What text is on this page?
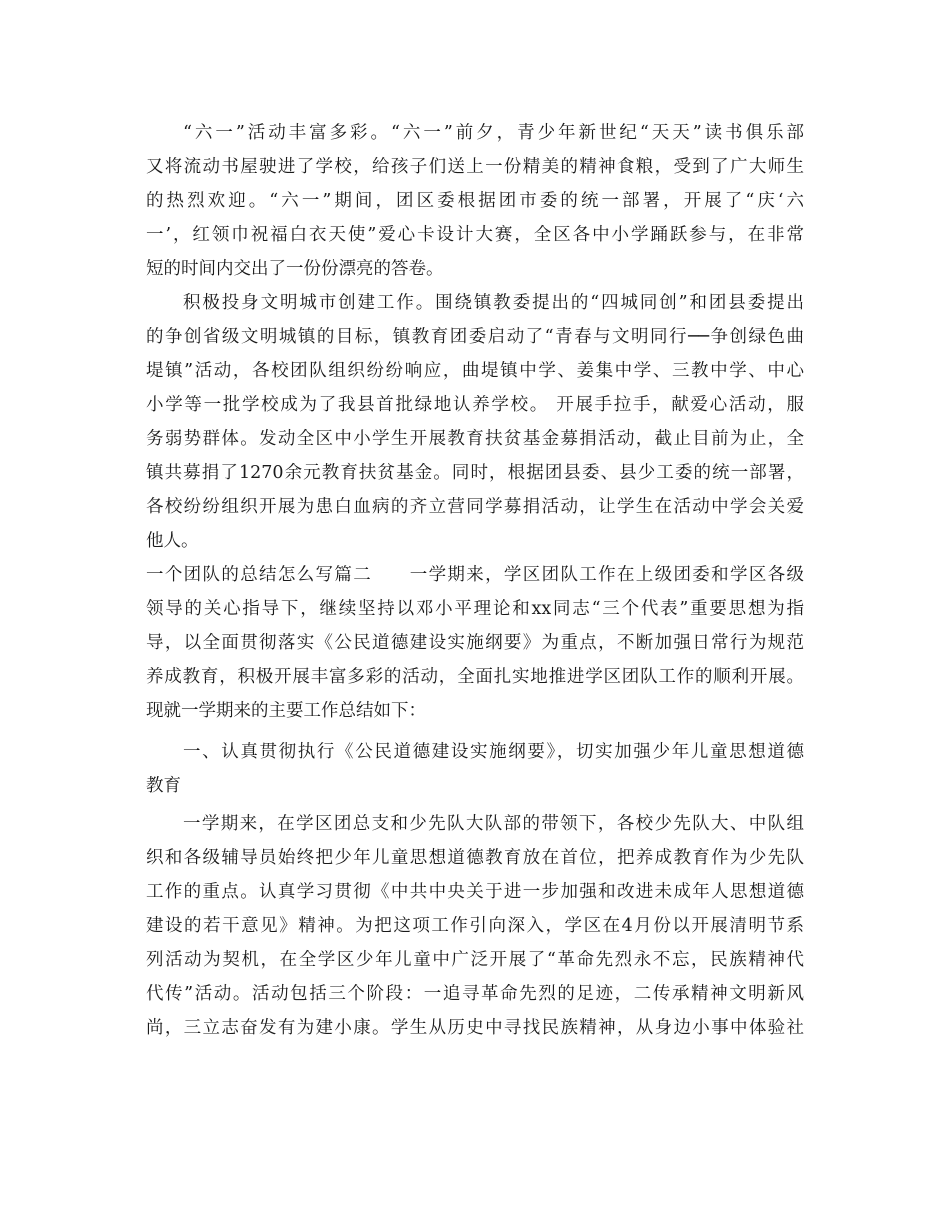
“六一”活动丰富多彩。“六一”前夕，青少年新世纪“天天”读书俱乐部
又将流动书屋驶进了学校，给孩子们送上一份精美的精神食粮，受到了广大师生
的热烈欢迎。“六一”期间，团区委根据团市委的统一部署，开展了“庆‘六
一’，红领巾祝福白衣天使”爱心卡设计大赛，全区各中小学踊跃参与，在非常
短的时间内交出了一份份漂亮的答卷。
积极投身文明城市创建工作。围绕镇教委提出的“四城同创”和团县委提出
的争创省级文明城镇的目标，镇教育团委启动了“青春与文明同行──争创绿色曲
堤镇”活动，各校团队组织纷纷响应，曲堤镇中学、姜集中学、三教中学、中心
小学等一批学校成为了我县首批绿地认养学校。 开展手拉手，献爱心活动，服
务弱势群体。发动全区中小学生开展教育扶贫基金募捐活动，截止目前为止，全
镇共募捐了1270余元教育扶贫基金。同时，根据团县委、县少工委的统一部署，
各校纷纷组织开展为患白血病的齐立营同学募捐活动，让学生在活动中学会关爱
他人。
一个团队的总结怎么写篇二　　一学期来，学区团队工作在上级团委和学区各级
领导的关心指导下，继续坚持以邓小平理论和xx同志“三个代表”重要思想为指
导，以全面贯彻落实《公民道德建设实施纲要》为重点，不断加强日常行为规范
养成教育，积极开展丰富多彩的活动，全面扎实地推进学区团队工作的顺利开展。
现就一学期来的主要工作总结如下：
一、认真贯彻执行《公民道德建设实施纲要》，切实加强少年儿童思想道德
教育
一学期来，在学区团总支和少先队大队部的带领下，各校少先队大、中队组
织和各级辅导员始终把少年儿童思想道德教育放在首位，把养成教育作为少先队
工作的重点。认真学习贯彻《中共中央关于进一步加强和改进未成年人思想道德
建设的若干意见》精神。为把这项工作引向深入，学区在4月份以开展清明节系
列活动为契机，在全学区少年儿童中广泛开展了“革命先烈永不忘，民族精神代
代传”活动。活动包括三个阶段：一追寻革命先烈的足迹，二传承精神文明新风
尚，三立志奋发有为建小康。学生从历史中寻找民族精神，从身边小事中体验社
